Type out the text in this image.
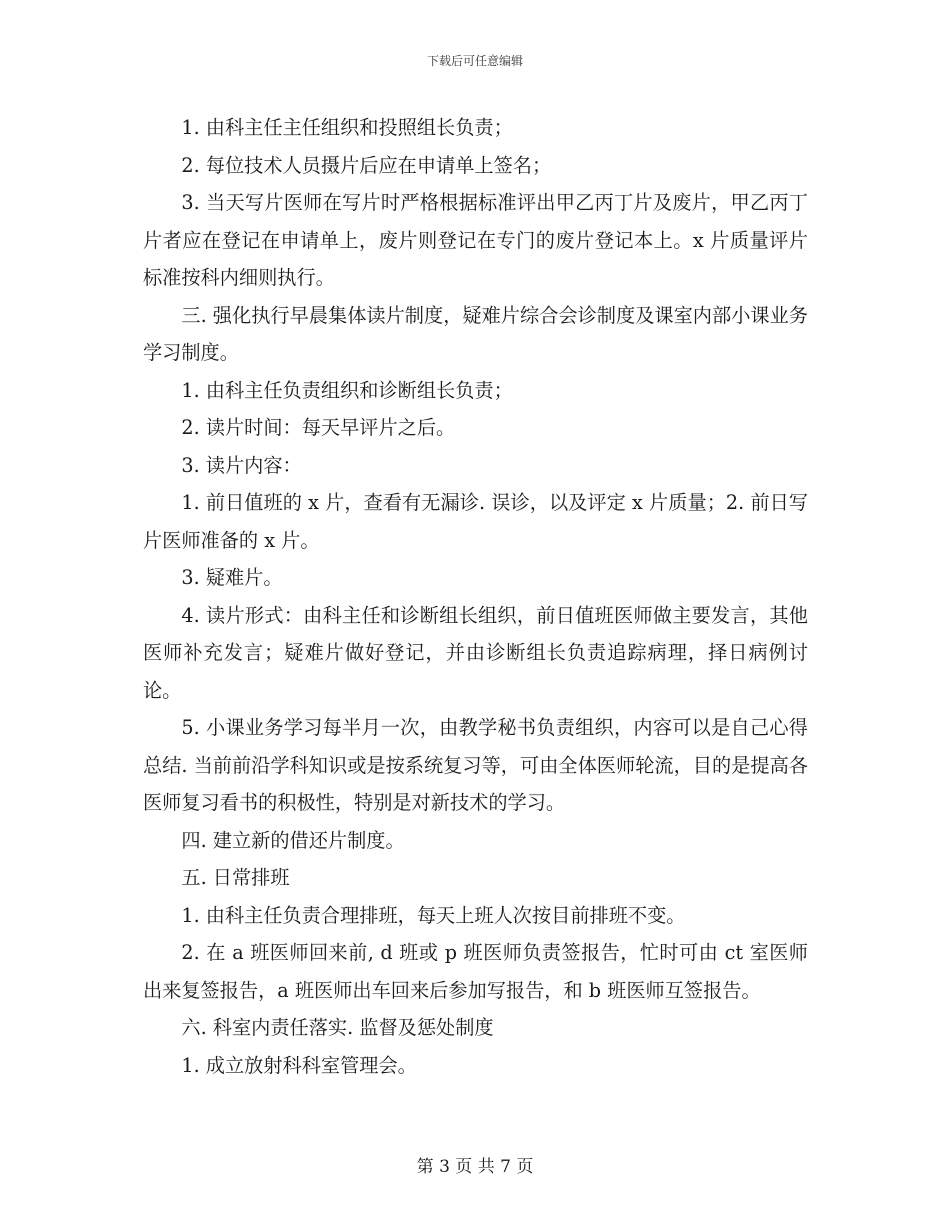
下载后可任意编辑

1. 由科主任主任组织和投照组长负责；

2. 每位技术人员摄片后应在申请单上签名；

3. 当天写片医师在写片时严格根据标准评出甲乙丙丁片及废片，甲乙丙丁片者应在登记在申请单上，废片则登记在专门的废片登记本上。x 片质量评片标准按科内细则执行。

三. 强化执行早晨集体读片制度，疑难片综合会诊制度及课室内部小课业务学习制度。

1. 由科主任负责组织和诊断组长负责；

2. 读片时间：每天早评片之后。

3. 读片内容：

1. 前日值班的 x 片，查看有无漏诊. 误诊，以及评定 x 片质量；2. 前日写片医师准备的 x 片。

3. 疑难片。

4. 读片形式：由科主任和诊断组长组织，前日值班医师做主要发言，其他医师补充发言；疑难片做好登记，并由诊断组长负责追踪病理，择日病例讨论。

5. 小课业务学习每半月一次，由教学秘书负责组织，内容可以是自己心得总结. 当前前沿学科知识或是按系统复习等，可由全体医师轮流，目的是提高各医师复习看书的积极性，特别是对新技术的学习。

四. 建立新的借还片制度。

五. 日常排班

1. 由科主任负责合理排班，每天上班人次按目前排班不变。

2. 在 a 班医师回来前, d 班或 p 班医师负责签报告，忙时可由 ct 室医师出来复签报告，a 班医师出车回来后参加写报告，和 b 班医师互签报告。

六. 科室内责任落实. 监督及惩处制度

1. 成立放射科科室管理会。

第 3 页 共 7 页
